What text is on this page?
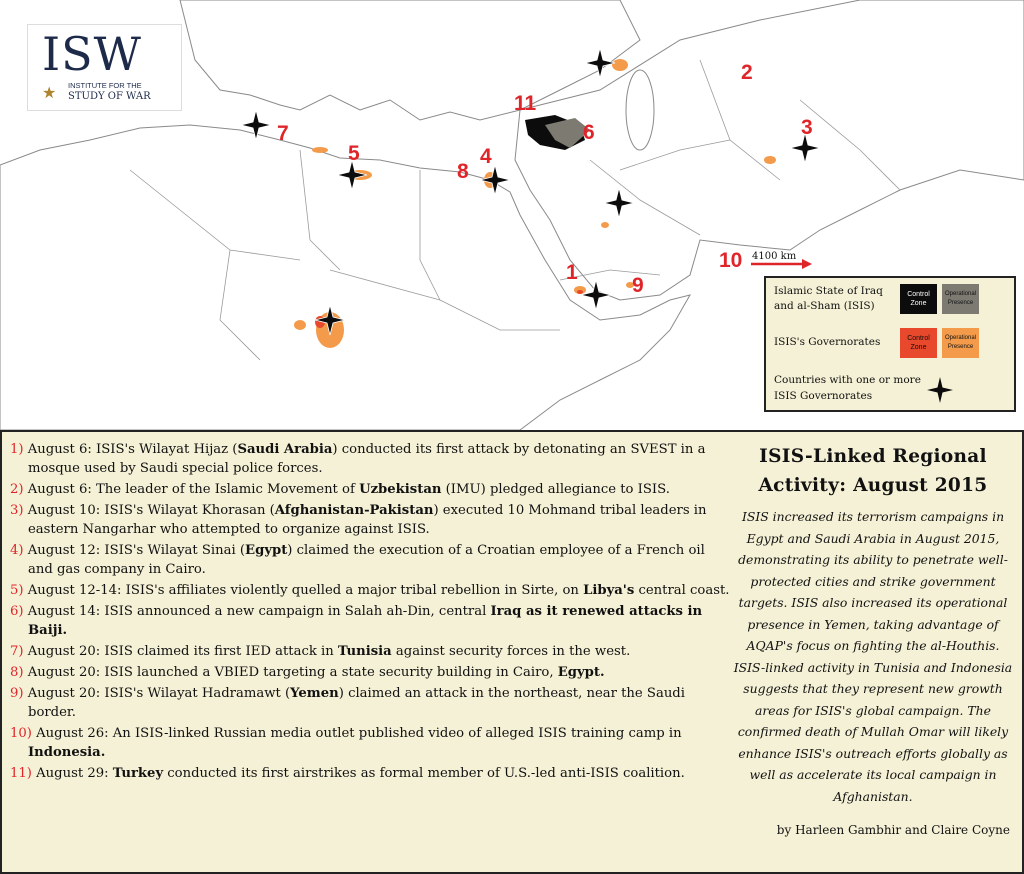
1
2
3
4
5
6
7
8
9
10
11
4100 km
ISW
INSTITUTE FOR THE
★ STUDY OF WAR
Islamic State of Iraq and al-Sham (ISIS)
Control Zone
Operational Presence
ISIS's Governorates	Control Zone
Operational Presence
Countries with one or more ISIS Governorates
1) August 6: ISIS's Wilayat Hijaz (Saudi Arabia) conducted its first attack by detonating an SVEST in a mosque used by Saudi special police forces.
2) August 6: The leader of the Islamic Movement of Uzbekistan (IMU) pledged allegiance to ISIS.
3) August 10: ISIS's Wilayat Khorasan (Afghanistan-Pakistan) executed 10 Mohmand tribal leaders in eastern Nangarhar who attempted to organize against ISIS.
4) August 12: ISIS's Wilayat Sinai (Egypt) claimed the execution of a Croatian employee of a French oil and gas company in Cairo.
5) August 12-14: ISIS's affiliates violently quelled a major tribal rebellion in Sirte, on Libya's central coast.
6) August 14: ISIS announced a new campaign in Salah ah-Din, central Iraq as it renewed attacks in Baiji.
7) August 20: ISIS claimed its first IED attack in Tunisia against security forces in the west.
8) August 20: ISIS launched a VBIED targeting a state security building in Cairo, Egypt.
9) August 20: ISIS's Wilayat Hadramawt (Yemen) claimed an attack in the northeast, near the Saudi border.
10) August 26: An ISIS-linked Russian media outlet published video of alleged ISIS training camp in Indonesia.
11) August 29: Turkey conducted its first airstrikes as formal member of U.S.-led anti-ISIS coalition.
ISIS-Linked Regional
Activity: August 2015
ISIS increased its terrorism campaigns in Egypt and Saudi Arabia in August 2015, demonstrating its ability to penetrate well-protected cities and strike government targets. ISIS also increased its operational presence in Yemen, taking advantage of AQAP's focus on fighting the al-Houthis. ISIS-linked activity in Tunisia and Indonesia suggests that they represent new growth areas for ISIS's global campaign. The confirmed death of Mullah Omar will likely enhance ISIS's outreach efforts globally as well as accelerate its local campaign in Afghanistan.
by Harleen Gambhir and Claire Coyne
